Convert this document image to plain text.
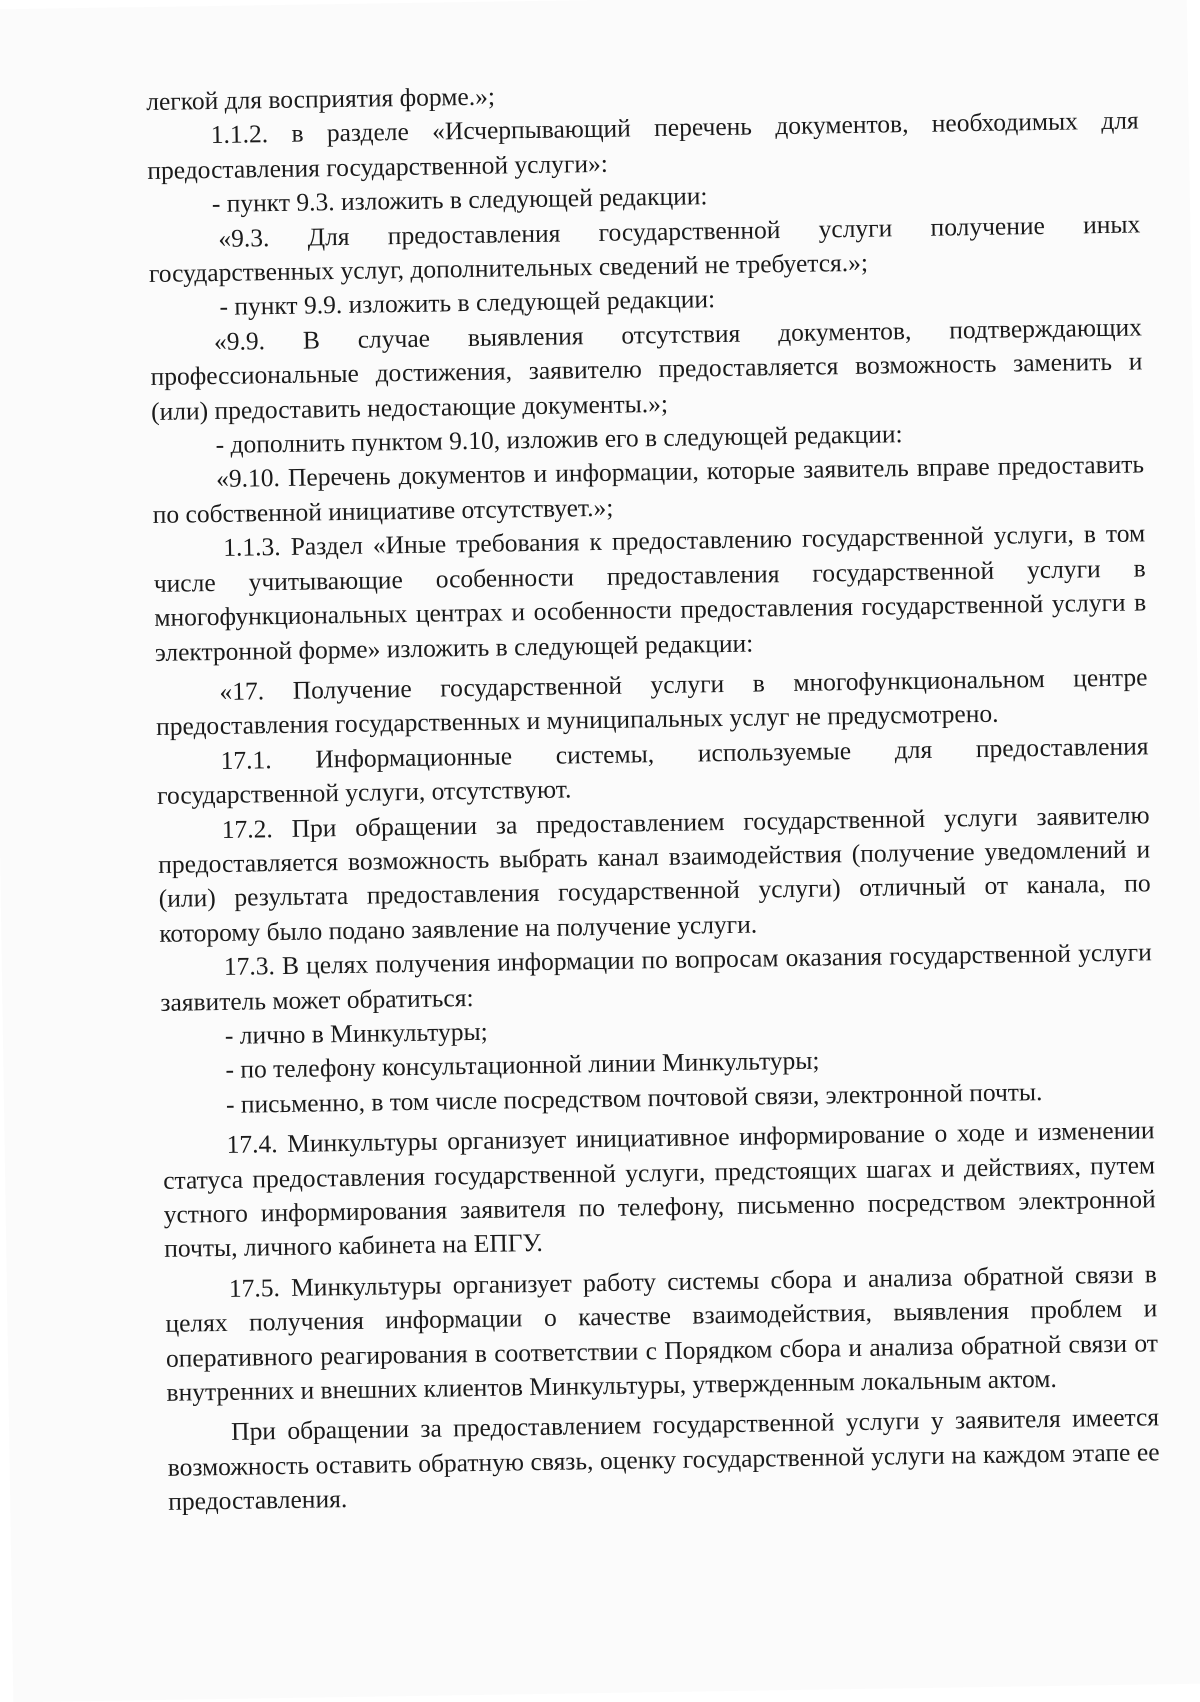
легкой для восприятия форме.»;

1.1.2. в разделе «Исчерпывающий перечень документов, необходимых для предоставления государственной услуги»:

- пункт 9.3. изложить в следующей редакции:

«9.3. Для предоставления государственной услуги получение иных государственных услуг, дополнительных сведений не требуется.»;

- пункт 9.9. изложить в следующей редакции:

«9.9. В случае выявления отсутствия документов, подтверждающих профессиональные достижения, заявителю предоставляется возможность заменить и (или) предоставить недостающие документы.»;

- дополнить пунктом 9.10, изложив его в следующей редакции:

«9.10. Перечень документов и информации, которые заявитель вправе предоставить по собственной инициативе отсутствует.»;

1.1.3. Раздел «Иные требования к предоставлению государственной услуги, в том числе учитывающие особенности предоставления государственной услуги в многофункциональных центрах и особенности предоставления государственной услуги в электронной форме» изложить в следующей редакции:

«17. Получение государственной услуги в многофункциональном центре предоставления государственных и муниципальных услуг не предусмотрено.

17.1. Информационные системы, используемые для предоставления государственной услуги, отсутствуют.

17.2. При обращении за предоставлением государственной услуги заявителю предоставляется возможность выбрать канал взаимодействия (получение уведомлений и (или) результата предоставления государственной услуги) отличный от канала, по которому было подано заявление на получение услуги.

17.3. В целях получения информации по вопросам оказания государственной услуги заявитель может обратиться:

- лично в Минкультуры;

- по телефону консультационной линии Минкультуры;

- письменно, в том числе посредством почтовой связи, электронной почты.

17.4. Минкультуры организует инициативное информирование о ходе и изменении статуса предоставления государственной услуги, предстоящих шагах и действиях, путем устного информирования заявителя по телефону, письменно посредством электронной почты, личного кабинета на ЕПГУ.

17.5. Минкультуры организует работу системы сбора и анализа обратной связи в целях получения информации о качестве взаимодействия, выявления проблем и оперативного реагирования в соответствии с Порядком сбора и анализа обратной связи от внутренних и внешних клиентов Минкультуры, утвержденным локальным актом.

При обращении за предоставлением государственной услуги у заявителя имеется возможность оставить обратную связь, оценку государственной услуги на каждом этапе ее предоставления.
